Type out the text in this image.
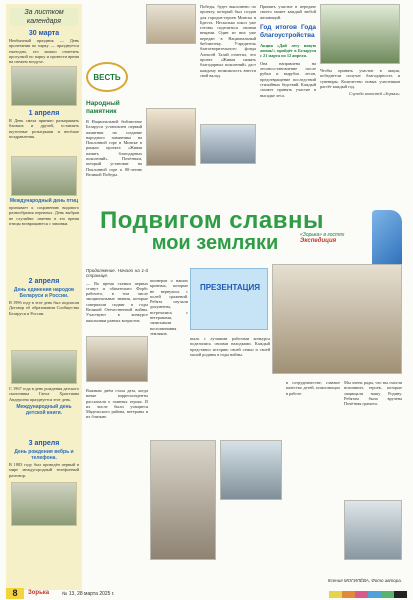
За листком календаря
30 марта
Необычный праздник — День пролетания по парку — празднуется ежегодно, его можно отметить прогулкой по парку и провести время на свежем воздухе.
1 апреля
В День смеха принято разыгрывать близких и друзей, оставлять шуточные розыгрыши и весёлые поздравления.
Международный день птиц
призывает к сохранению видового разнообразия пернатых. День выбран не случайно: именно в это время птицы возвращаются с зимовки.
2 апреля
День единения народов Беларуси и России.
В 1996 году в этот день был подписан Договор об образовании Сообщества Беларуси и России.
С 1967 года в день рождения датского сказочника Ганса Христиана Андерсена празднуется этот день.
Международный день детской книги.
3 апреля
День рождения вебрь и телефона.
В 1883 году был проведён первый в мире междугородный телефонный разговор.
ВЕСТЬ
Народный памятник
В Национальной библиотеке Беларуси установлен первый памятник на создание народного памятника на Поклонной горе в Минске в рамках проекта «Живая память благодарных поколений». Почётным, который установит на Поклонной горе к 80-летию Великой Победы.
Победы, будет выполнено по проекту, который был создан для городов-героев Минска и Бреста. Несколько школ уже готовы поделиться своими вещами. Один из них уже передан в Национальный библиотеку. Учредитель благотворительного фонда Алексей Талай отметил, что проект «Живая память благодарных поколений» даст каждому возможность внести свой вклад.
Принять участие в передаче своего может каждый любой желающий.
Год итогов Года благоустройства
Акция «Дай лесу новую жизнь!» пройдёт в Беларуси с 21 марта по 12 апреля.
Она направлена на лесовосстановление после рубки и вырубок лесов, предотвращение последствий стихийных бедствий. Каждый сможет принять участие в высадке леса.
Чтобы принять участие в акции, победители получат благодарность и сувениры. Количество новых участников растёт каждый год.
Служба новостей «Зорьки»
Подвигом славны
мои земляки	«Зорька» в гостях
Экспедиция
Продолжение. Начало на 1-й странице.
— Во время съемки первых станут и обязательно Форбс рабочего, в том числе эмоциональные знания, которые совершили подвиг в годы Великой Отечественной войны. Участвуют в конкурсе школьники разных возрастов.
Важным днём стала дата, когда юные корреспонденты рассказали о главных героях. В их числе были учащиеся Мядельского района, ветераны и их близкие.
пионеров о наших кровных, которые не вернулись с полей сражений. Ребята изучали документы, встречались с ветеранами, записывали воспоминания земляков.
ПРЕЗЕНТАЦИЯ
шаль с лучшими работами конкурса поделились своими находками. Каждый представил историю своей семьи и своей малой родины в годы войны.
в сотрудничестве, главное качество детей, помогающих в работе.
Мы очень рады, что вы смогли вспомнить героев, которые защищали нашу Родину. Ребятам была вручена Почётная грамота.
Ксения МОГИЛЁВА, Фото автора.
8	Зорька	№ 13, 28 марта 2025 г.
